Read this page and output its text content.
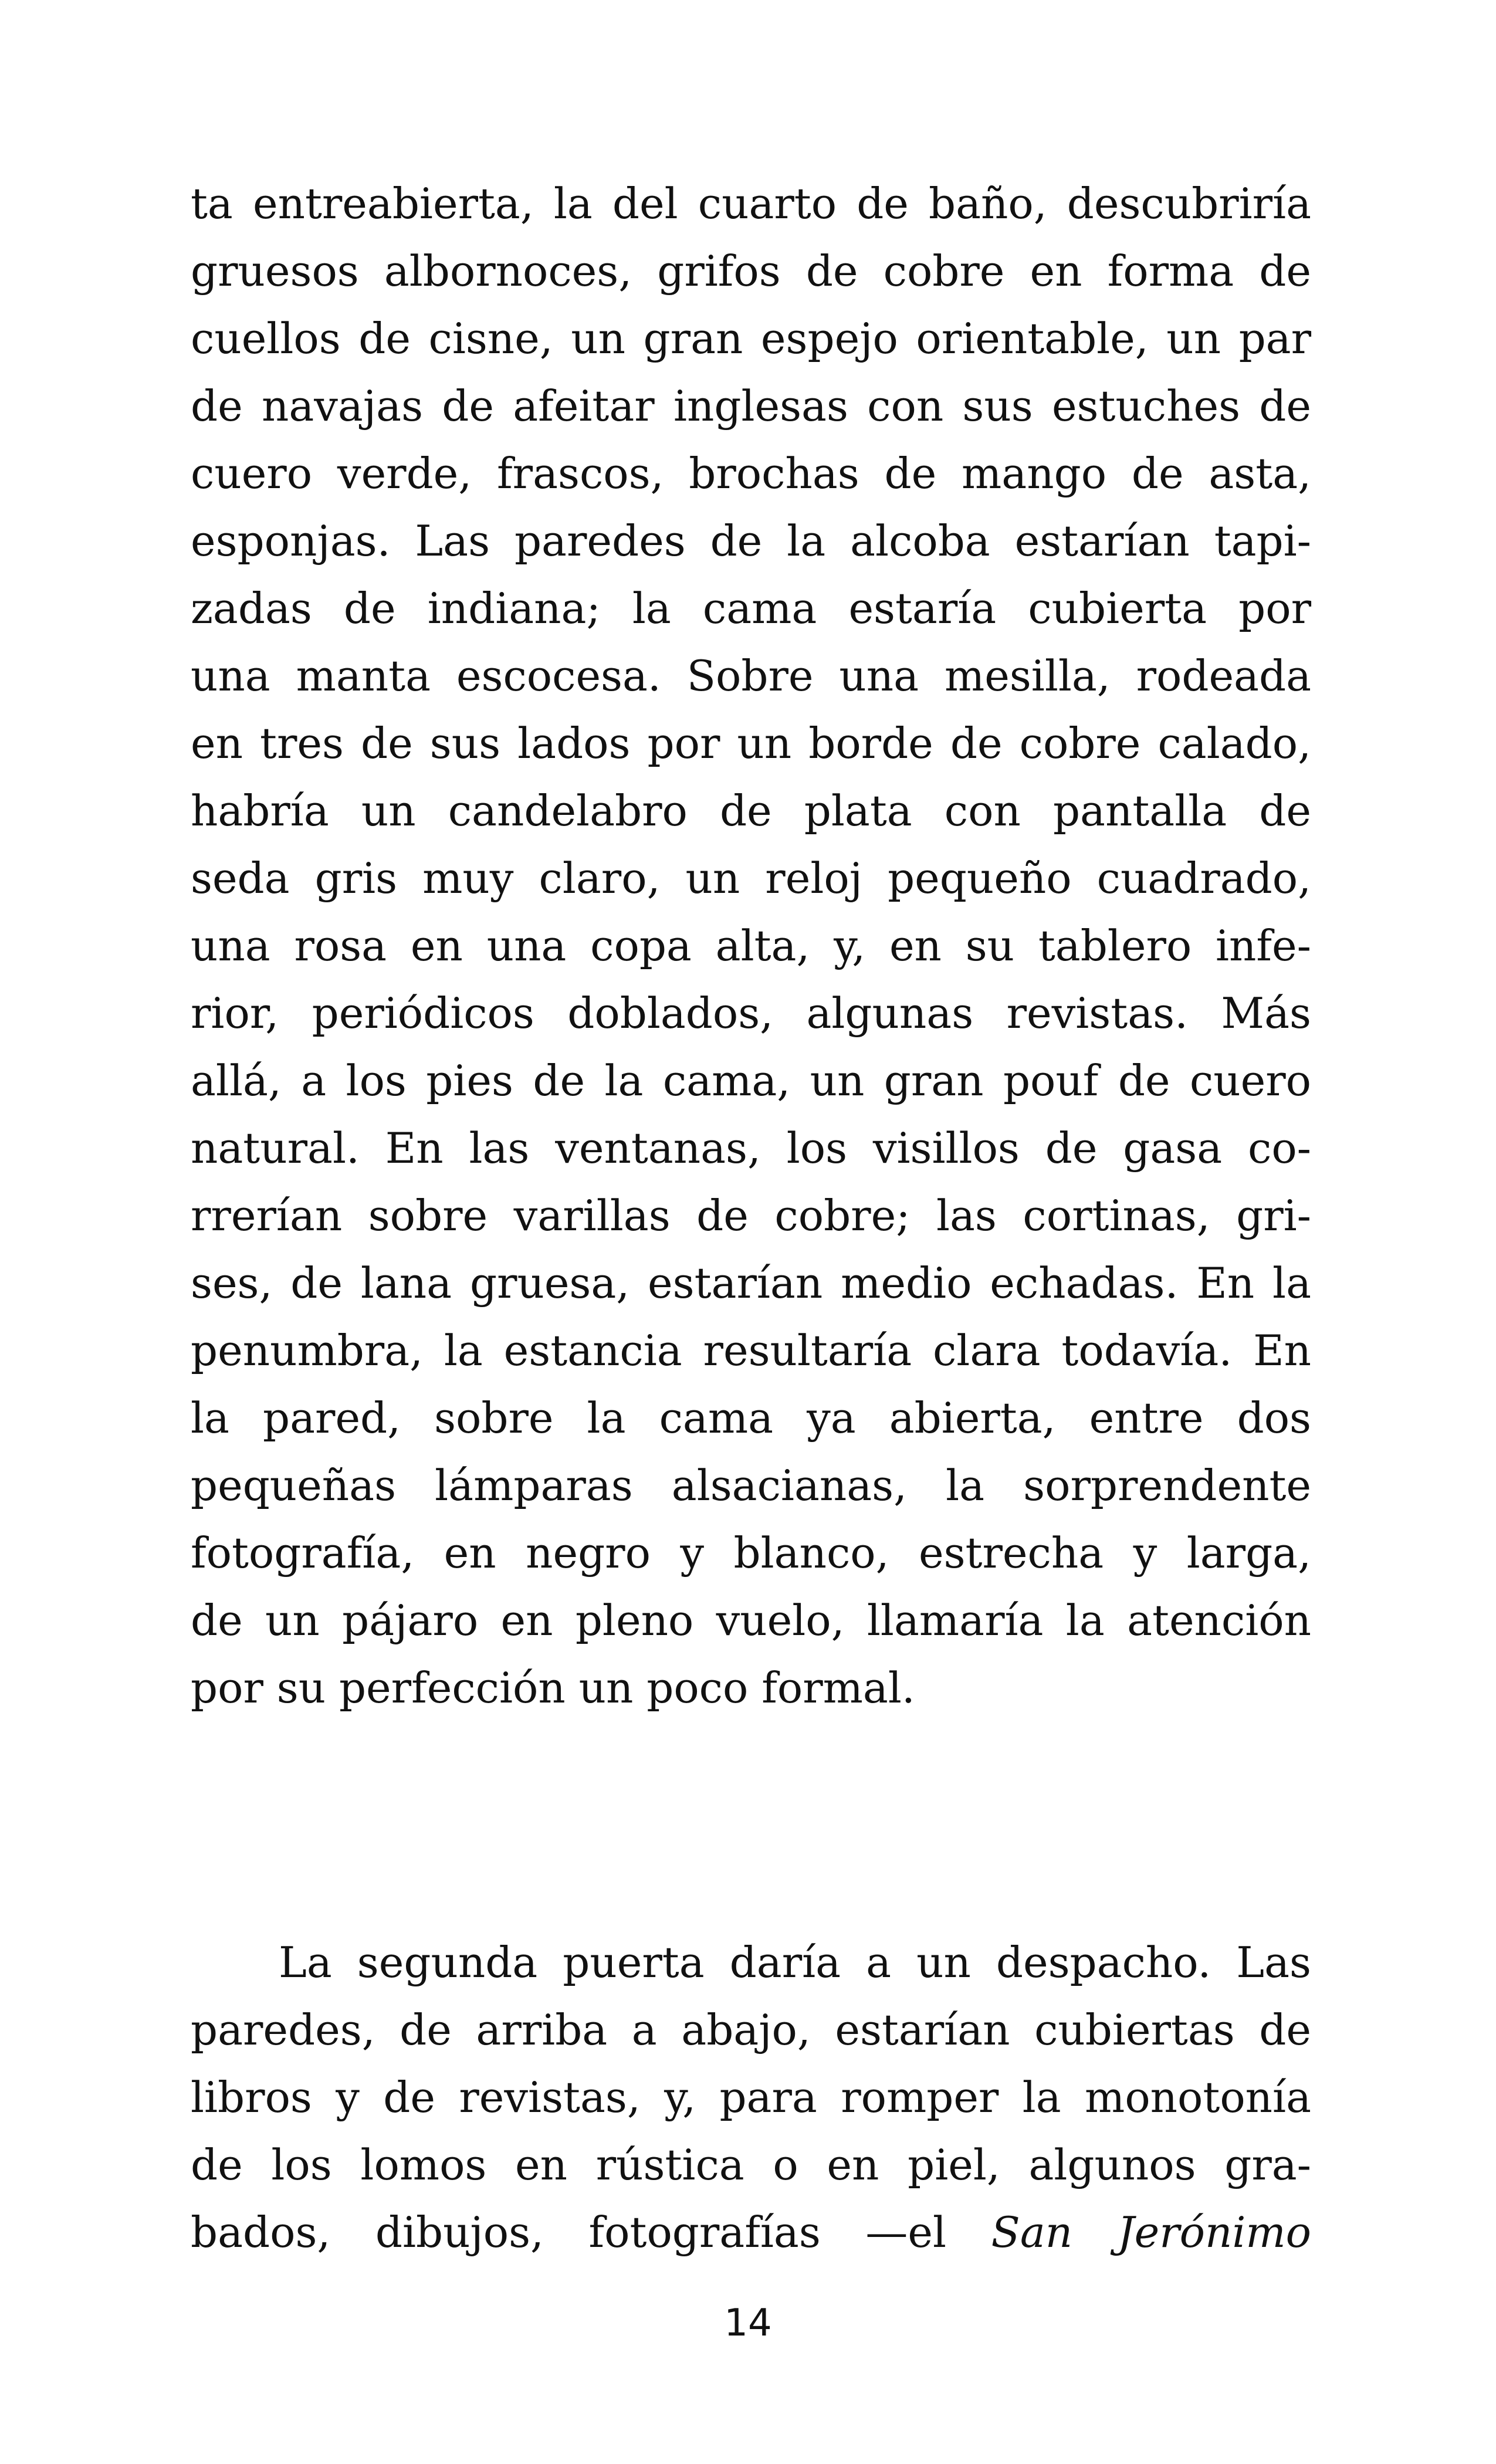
ta entreabierta, la del cuarto de baño, descubriría
gruesos albornoces, grifos de cobre en forma de
cuellos de cisne, un gran espejo orientable, un par
de navajas de afeitar inglesas con sus estuches de
cuero verde, frascos, brochas de mango de asta,
esponjas. Las paredes de la alcoba estarían tapi-
zadas de indiana; la cama estaría cubierta por
una manta escocesa. Sobre una mesilla, rodeada
en tres de sus lados por un borde de cobre calado,
habría un candelabro de plata con pantalla de
seda gris muy claro, un reloj pequeño cuadrado,
una rosa en una copa alta, y, en su tablero infe-
rior, periódicos doblados, algunas revistas. Más
allá, a los pies de la cama, un gran pouf de cuero
natural. En las ventanas, los visillos de gasa co-
rrerían sobre varillas de cobre; las cortinas, gri-
ses, de lana gruesa, estarían medio echadas. En la
penumbra, la estancia resultaría clara todavía. En
la pared, sobre la cama ya abierta, entre dos
pequeñas lámparas alsacianas, la sorprendente
fotografía, en negro y blanco, estrecha y larga,
de un pájaro en pleno vuelo, llamaría la atención
por su perfección un poco formal.
La segunda puerta daría a un despacho. Las
paredes, de arriba a abajo, estarían cubiertas de
libros y de revistas, y, para romper la monotonía
de los lomos en rústica o en piel, algunos gra-
bados, dibujos, fotografías —el San Jerónimo
14
